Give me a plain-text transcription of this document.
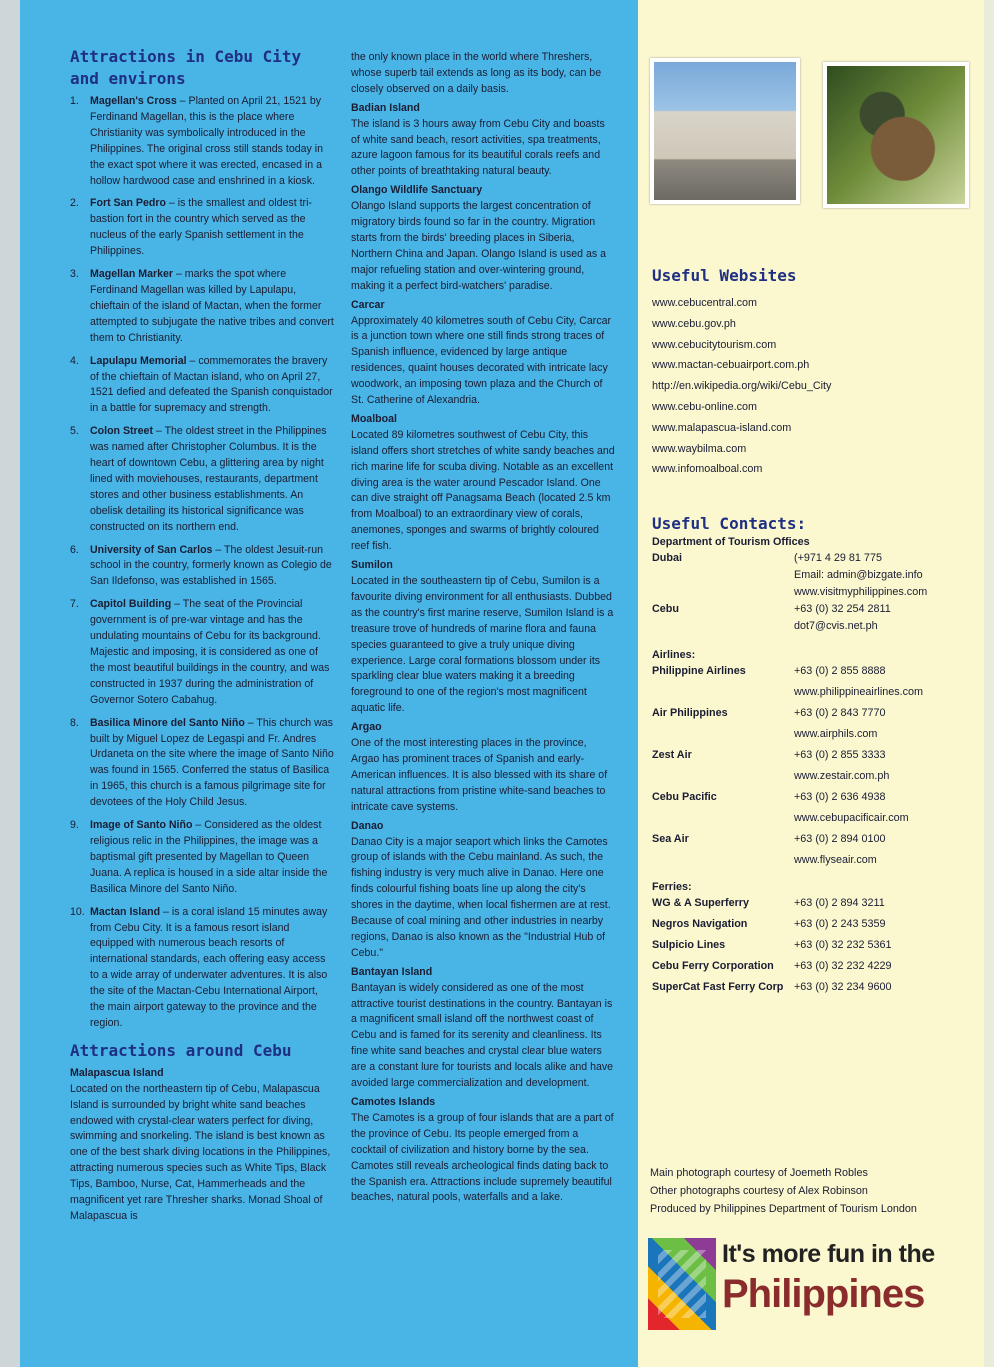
Attractions in Cebu City and environs
1. Magellan's Cross – Planted on April 21, 1521 by Ferdinand Magellan, this is the place where Christianity was symbolically introduced in the Philippines. The original cross still stands today in the exact spot where it was erected, encased in a hollow hardwood case and enshrined in a kiosk.
2. Fort San Pedro – is the smallest and oldest tri-bastion fort in the country which served as the nucleus of the early Spanish settlement in the Philippines.
3. Magellan Marker – marks the spot where Ferdinand Magellan was killed by Lapulapu, chieftain of the island of Mactan, when the former attempted to subjugate the native tribes and convert them to Christianity.
4. Lapulapu Memorial – commemorates the bravery of the chieftain of Mactan island, who on April 27, 1521 defied and defeated the Spanish conquistador in a battle for supremacy and strength.
5. Colon Street – The oldest street in the Philippines was named after Christopher Columbus. It is the heart of downtown Cebu, a glittering area by night lined with moviehouses, restaurants, department stores and other business establishments. An obelisk detailing its historical significance was constructed on its northern end.
6. University of San Carlos – The oldest Jesuit-run school in the country, formerly known as Colegio de San Ildefonso, was established in 1565.
7. Capitol Building – The seat of the Provincial government is of pre-war vintage and has the undulating mountains of Cebu for its background. Majestic and imposing, it is considered as one of the most beautiful buildings in the country, and was constructed in 1937 during the administration of Governor Sotero Cabahug.
8. Basilica Minore del Santo Niño – This church was built by Miguel Lopez de Legaspi and Fr. Andres Urdaneta on the site where the image of Santo Niño was found in 1565. Conferred the status of Basilica in 1965, this church is a famous pilgrimage site for devotees of the Holy Child Jesus.
9. Image of Santo Niño – Considered as the oldest religious relic in the Philippines, the image was a baptismal gift presented by Magellan to Queen Juana. A replica is housed in a side altar inside the Basilica Minore del Santo Niño.
10. Mactan Island – is a coral island 15 minutes away from Cebu City. It is a famous resort island equipped with numerous beach resorts of international standards, each offering easy access to a wide array of underwater adventures. It is also the site of the Mactan-Cebu International Airport, the main airport gateway to the province and the region.
Attractions around Cebu
Malapascua Island

Located on the northeastern tip of Cebu, Malapascua Island is surrounded by bright white sand beaches endowed with crystal-clear waters perfect for diving, swimming and snorkeling. The island is best known as one of the best shark diving locations in the Philippines, attracting numerous species such as White Tips, Black Tips, Bamboo, Nurse, Cat, Hammerheads and the magnificent yet rare Thresher sharks. Monad Shoal of Malapascua is

the only known place in the world where Threshers, whose superb tail extends as long as its body, can be closely observed on a daily basis.

Badian Island

The island is 3 hours away from Cebu City and boasts of white sand beach, resort activities, spa treatments, azure lagoon famous for its beautiful corals reefs and other points of breathtaking natural beauty.

Olango Wildlife Sanctuary

Olango Island supports the largest concentration of migratory birds found so far in the country. Migration starts from the birds' breeding places in Siberia, Northern China and Japan. Olango Island is used as a major refueling station and over-wintering ground, making it a perfect bird-watchers' paradise.

Carcar

Approximately 40 kilometres south of Cebu City, Carcar is a junction town where one still finds strong traces of Spanish influence, evidenced by large antique residences, quaint houses decorated with intricate lacy woodwork, an imposing town plaza and the Church of St. Catherine of Alexandria.

Moalboal

Located 89 kilometres southwest of Cebu City, this island offers short stretches of white sandy beaches and rich marine life for scuba diving. Notable as an excellent diving area is the water around Pescador Island. One can dive straight off Panagsama Beach (located 2.5 km from Moalboal) to an extraordinary view of corals, anemones, sponges and swarms of brightly coloured reef fish.

Sumilon

Located in the southeastern tip of Cebu, Sumilon is a favourite diving environment for all enthusiasts. Dubbed as the country's first marine reserve, Sumilon Island is a treasure trove of hundreds of marine flora and fauna species guaranteed to give a truly unique diving experience. Large coral formations blossom under its sparkling clear blue waters making it a breeding foreground to one of the region's most magnificent aquatic life.

Argao

One of the most interesting places in the province, Argao has prominent traces of Spanish and early-American influences. It is also blessed with its share of natural attractions from pristine white-sand beaches to intricate cave systems.

Danao

Danao City is a major seaport which links the Camotes group of islands with the Cebu mainland. As such, the fishing industry is very much alive in Danao. Here one finds colourful fishing boats line up along the city's shores in the daytime, when local fishermen are at rest. Because of coal mining and other industries in nearby regions, Danao is also known as the "Industrial Hub of Cebu."

Bantayan Island

Bantayan is widely considered as one of the most attractive tourist destinations in the country. Bantayan is a magnificent small island off the northwest coast of Cebu and is famed for its serenity and cleanliness. Its fine white sand beaches and crystal clear blue waters are a constant lure for tourists and locals alike and have avoided large commercialization and development.

Camotes Islands

The Camotes is a group of four islands that are a part of the province of Cebu. Its people emerged from a cocktail of civilization and history borne by the sea. Camotes still reveals archeological finds dating back to the Spanish era. Attractions include supremely beautiful beaches, natural pools, waterfalls and a lake.

Useful Websites
www.cebucentral.com
www.cebu.gov.ph
www.cebucitytourism.com
www.mactan-cebuairport.com.ph
http://en.wikipedia.org/wiki/Cebu_City
www.cebu-online.com
www.malapascua-island.com
www.waybilma.com
www.infomoalboal.com
Useful Contacts:
Department of Tourism Offices
Dubai	(+971 4 29 81 775
Email: admin@bizgate.info
www.visitmyphilippines.com
Cebu	+63 (0) 32 254 2811
dot7@cvis.net.ph
Airlines:
Philippine Airlines	+63 (0) 2 855 8888
www.philippineairlines.com
Air Philippines	+63 (0) 2 843 7770
www.airphils.com
Zest Air	+63 (0) 2 855 3333
www.zestair.com.ph
Cebu Pacific	+63 (0) 2 636 4938
www.cebupacificair.com
Sea Air	+63 (0) 2 894 0100
www.flyseair.com
Ferries:
WG & A Superferry	+63 (0) 2 894 3211
Negros Navigation	+63 (0) 2 243 5359
Sulpicio Lines	+63 (0) 32 232 5361
Cebu Ferry Corporation +63 (0) 32 232 4229
SuperCat Fast Ferry Corp +63 (0) 32 234 9600
Main photograph courtesy of Joemeth Robles
Other photographs courtesy of Alex Robinson
Produced by Philippines Department of Tourism London
It's more fun in the
Philippines
